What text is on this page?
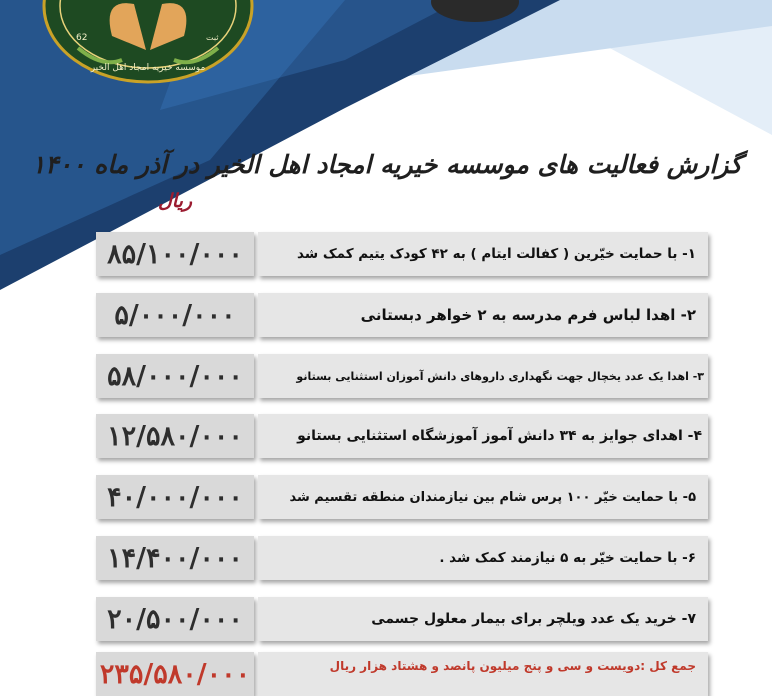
62	ثبت
موسسه خیریه امجاد اهل الخیر
گزارش فعالیت های موسسه خیریه امجاد اهل الخیر در آذر ماه ۱۴۰۰
ریال
۸۵/۱۰۰/۰۰۰	۱- با حمایت خیّرین ( کفالت ایتام ) به ۴۲ کودک یتیم کمک شد
۵/۰۰۰/۰۰۰	۲- اهدا لباس فرم مدرسه به ۲ خواهر دبستانی
۵۸/۰۰۰/۰۰۰	۳- اهدا یک عدد یخچال جهت نگهداری داروهای دانش آموزان استثنایی بستانو
۱۲/۵۸۰/۰۰۰	۴- اهدای جوایز به ۳۴ دانش آموز آموزشگاه استثنایی بستانو
۴۰/۰۰۰/۰۰۰	۵- با حمایت خیّر ۱۰۰ پرس شام بین نیازمندان منطقه تقسیم شد
۱۴/۴۰۰/۰۰۰	۶- با حمایت خیّر به ۵ نیازمند کمک شد .
۲۰/۵۰۰/۰۰۰	۷- خرید یک عدد ویلچر برای بیمار معلول جسمی
۲۳۵/۵۸۰/۰۰۰	جمع کل :دویست و سی و پنج میلیون پانصد و هشتاد هزار ریال
